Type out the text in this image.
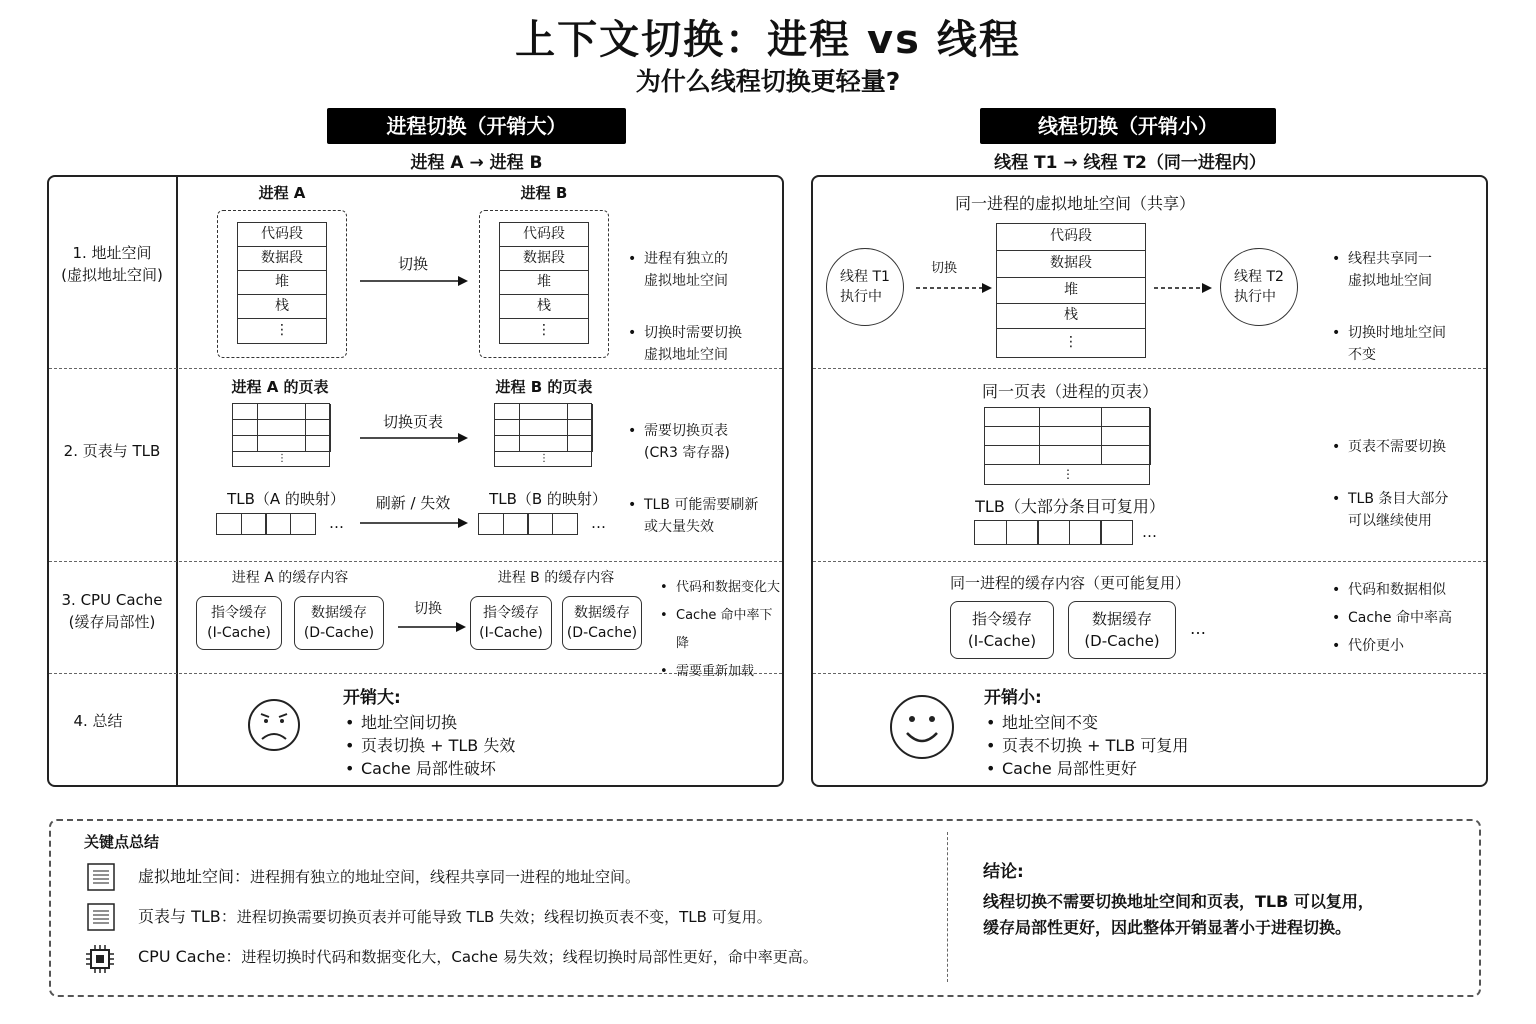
上下文切换：进程 vs 线程
为什么线程切换更轻量?
进程切换（开销大）
进程 A → 进程 B
线程切换（开销小）
线程 T1 → 线程 T2（同一进程内）
1. 地址空间
(虚拟地址空间)
2. 页表与 TLB
3. CPU Cache
(缓存局部性)
4. 总结
进程 A	进程 B
代码段
数据段
堆
栈
⋮
代码段
数据段
堆
栈
⋮
切换

•	进程有独立的
虚拟地址空间

• 切换时需要切换
虚拟地址空间

进程 A 的页表	进程 B 的页表
⋮	⋮
切换页表
TLB（A 的映射）	TLB（B 的映射）
…	…
刷新 / 失效

• 需要切换页表
(CR3 寄存器)

• TLB 可能需要刷新
或大量失效

进程 A 的缓存内容	进程 B 的缓存内容
指令缓存
(I-Cache)
数据缓存
(D-Cache)
指令缓存
(I-Cache)
数据缓存
(D-Cache)
切换
• 代码和数据变化大
• Cache 命中率下降
• 需要重新加载
开销大:
• 地址空间切换
• 页表切换 + TLB 失效
• Cache 局部性破坏
同一进程的虚拟地址空间（共享）
线程 T1
执行中
线程 T2
执行中
代码段
数据段
堆
栈
⋮
切换

• 线程共享同一
虚拟地址空间

• 切换时地址空间
不变

同一页表（进程的页表）
⋮
TLB（大部分条目可复用）
…

• 页表不需要切换

• TLB 条目大部分
可以继续使用

同一进程的缓存内容（更可能复用）
指令缓存
(I-Cache)
数据缓存
(D-Cache)
…
• 代码和数据相似
• Cache 命中率高
• 代价更小
开销小:
• 地址空间不变
• 页表不切换 + TLB 可复用
• Cache 局部性更好
关键点总结
虚拟地址空间：进程拥有独立的地址空间，线程共享同一进程的地址空间。
页表与 TLB：进程切换需要切换页表并可能导致 TLB 失效；线程切换页表不变，TLB 可复用。
CPU Cache：进程切换时代码和数据变化大，Cache 易失效；线程切换时局部性更好，命中率更高。
结论:
线程切换不需要切换地址空间和页表，TLB 可以复用，
缓存局部性更好，因此整体开销显著小于进程切换。
